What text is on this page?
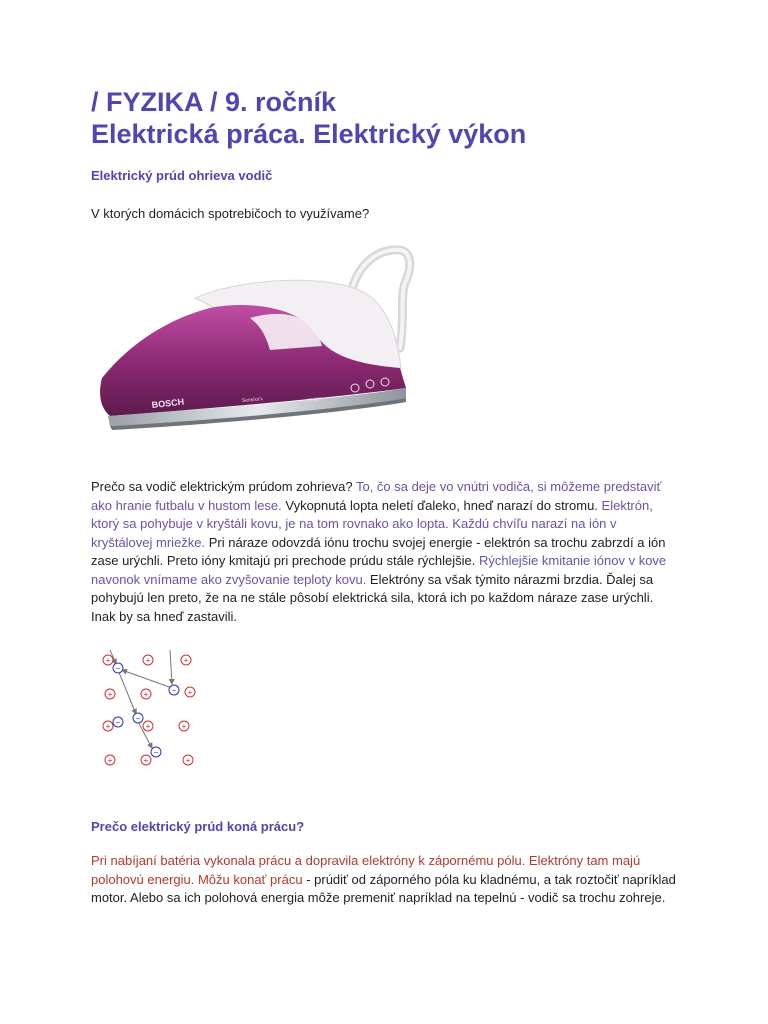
/ FYZIKA / 9. ročník
Elektrická práca. Elektrický výkon
Elektrický prúd ohrieva vodič

V ktorých domácich spotrebičoch to využívame?

Prečo sa vodič elektrickým prúdom zohrieva? To, čo sa deje vo vnútri vodiča, si môžeme predstaviť ako hranie futbalu v hustom lese. Vykopnutá lopta neletí ďaleko, hneď narazí do stromu. Elektrón, ktorý sa pohybuje v kryštáli kovu, je na tom rovnako ako lopta. Každú chvíľu narazí na ión v kryštálovej mriežke. Pri náraze odovzdá iónu trochu svojej energie - elektrón sa trochu zabrzdí a ión zase urýchli. Preto ióny kmitajú pri prechode prúdu stále rýchlejšie. Rýchlejšie kmitanie iónov v kove navonok vnímame ako zvyšovanie teploty kovu. Elektróny sa však týmito nárazmi brzdia. Ďalej sa pohybujú len preto, že na ne stále pôsobí elektrická sila, ktorá ich po každom náraze zase urýchli. Inak by sa hneď zastavili.

Prečo elektrický prúd koná prácu?

Pri nabíjaní batéria vykonala prácu a dopravila elektróny k zápornému pólu. Elektróny tam majú polohovú energiu. Môžu konať prácu - prúdiť od záporného póla ku kladnému, a tak roztočiť napríklad motor. Alebo sa ich polohová energia môže premeniť napríklad na tepelnú - vodič sa trochu zohreje.

BOSCH	Sensixx'x
DA15
SHOT
+	+	+
+	+	+
+	+	+
+	+	+
−
−
− −
−
